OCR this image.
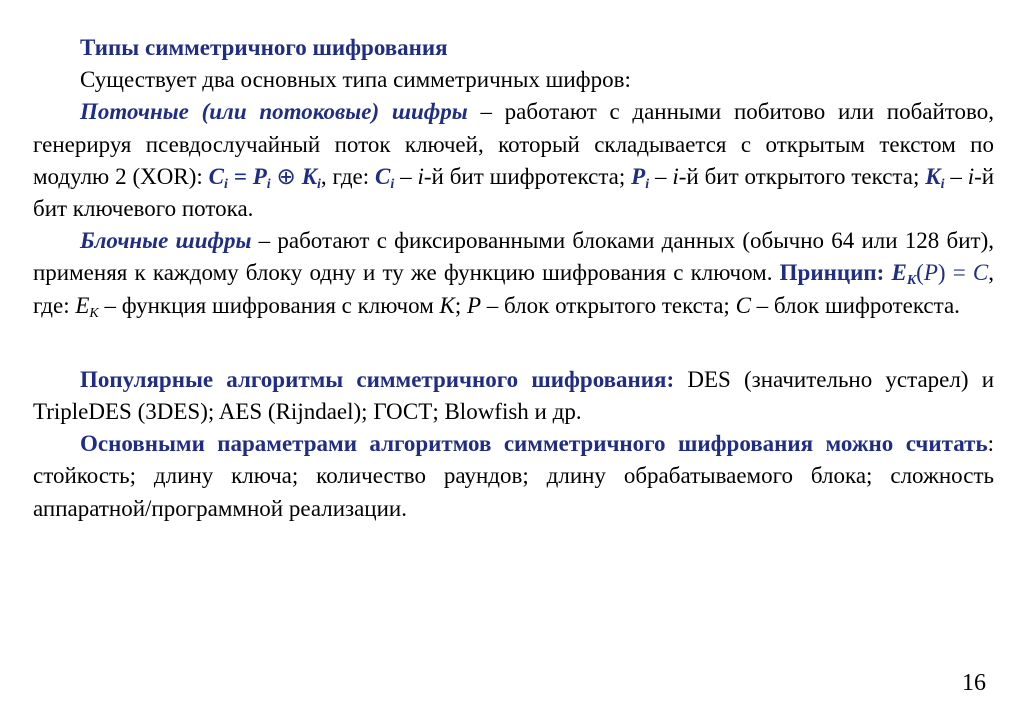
Типы симметричного шифрования

Существует два основных типа симметричных шифров:

Поточные (или потоковые) шифры – работают с данными побитово или побайтово, генерируя псевдослучайный поток ключей, который складывается с открытым текстом по модулю 2 (XOR): $C_i = P_i$ ⊕ $K_i$, где: $C_i - i-й$ бит шифротекста; $P_i - i-й$ бит открытого текста; $K_i - i-й$ бит ключевого потока.

Блочные шифры – работают с фиксированными блоками данных (обычно 64 или 128 бит), применяя к каждому блоку одну и ту же функцию шифрования с ключом. Принцип: $E_K(P) = C$, где: $E_K$ – функция шифрования с ключом K; P – блок открытого текста; C – блок шифротекста.

Популярные алгоритмы симметричного шифрования: DES (значительно устарел) и TripleDES (3DES); AES (Rijndael); ГОСТ; Blowfish и др.

Основными параметрами алгоритмов симметричного шифрования можно считать: стойкость; длину ключа; количество раундов; длину обрабатываемого блока; сложность аппаратной/программной реализации.

16
